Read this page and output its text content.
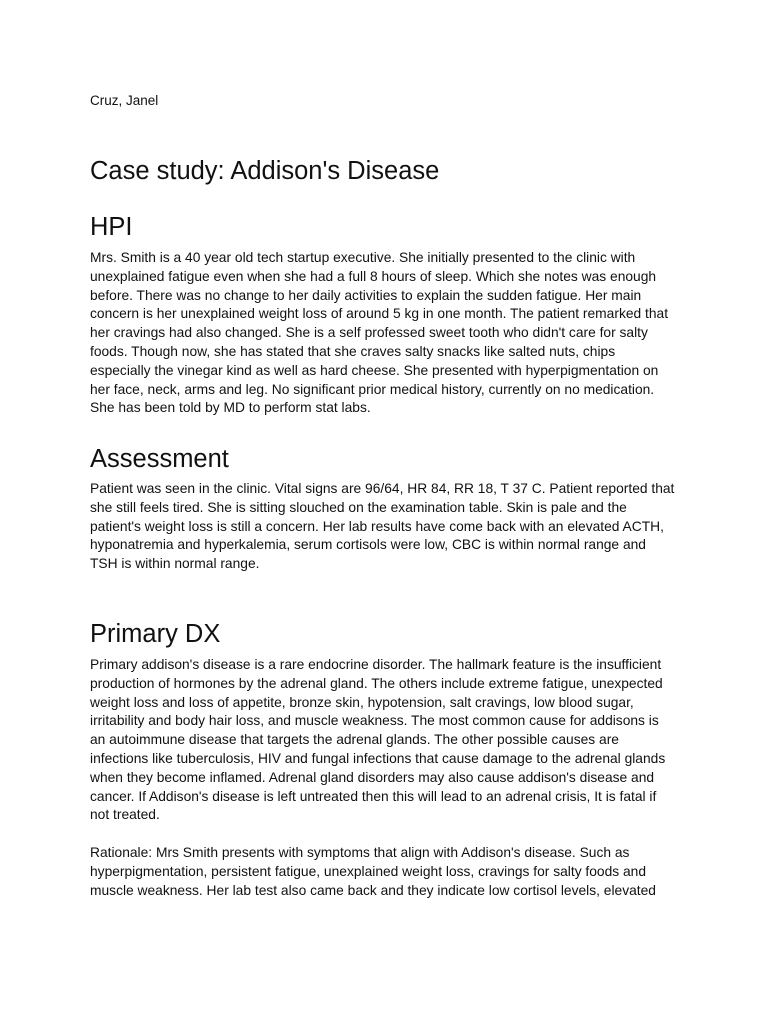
Cruz, Janel
Case study: Addison's Disease
HPI

Mrs. Smith is a 40 year old tech startup executive. She initially presented to the clinic with
unexplained fatigue even when she had a full 8 hours of sleep. Which she notes was enough
before. There was no change to her daily activities to explain the sudden fatigue. Her main
concern is her unexplained weight loss of around 5 kg in one month. The patient remarked that
her cravings had also changed. She is a self professed sweet tooth who didn't care for salty
foods. Though now, she has stated that she craves salty snacks like salted nuts, chips
especially the vinegar kind as well as hard cheese. She presented with hyperpigmentation on
her face, neck, arms and leg. No significant prior medical history, currently on no medication.
She has been told by MD to perform stat labs.

Assessment

Patient was seen in the clinic. Vital signs are 96/64, HR 84, RR 18, T 37 C. Patient reported that
she still feels tired. She is sitting slouched on the examination table. Skin is pale and the
patient's weight loss is still a concern. Her lab results have come back with an elevated ACTH,
hyponatremia and hyperkalemia, serum cortisols were low, CBC is within normal range and
TSH is within normal range.

Primary DX

Primary addison's disease is a rare endocrine disorder. The hallmark feature is the insufficient
production of hormones by the adrenal gland. The others include extreme fatigue, unexpected
weight loss and loss of appetite, bronze skin, hypotension, salt cravings, low blood sugar,
irritability and body hair loss, and muscle weakness. The most common cause for addisons is
an autoimmune disease that targets the adrenal glands. The other possible causes are
infections like tuberculosis, HIV and fungal infections that cause damage to the adrenal glands
when they become inflamed. Adrenal gland disorders may also cause addison's disease and
cancer. If Addison's disease is left untreated then this will lead to an adrenal crisis, It is fatal if
not treated.

Rationale: Mrs Smith presents with symptoms that align with Addison's disease. Such as
hyperpigmentation, persistent fatigue, unexplained weight loss, cravings for salty foods and
muscle weakness. Her lab test also came back and they indicate low cortisol levels, elevated
